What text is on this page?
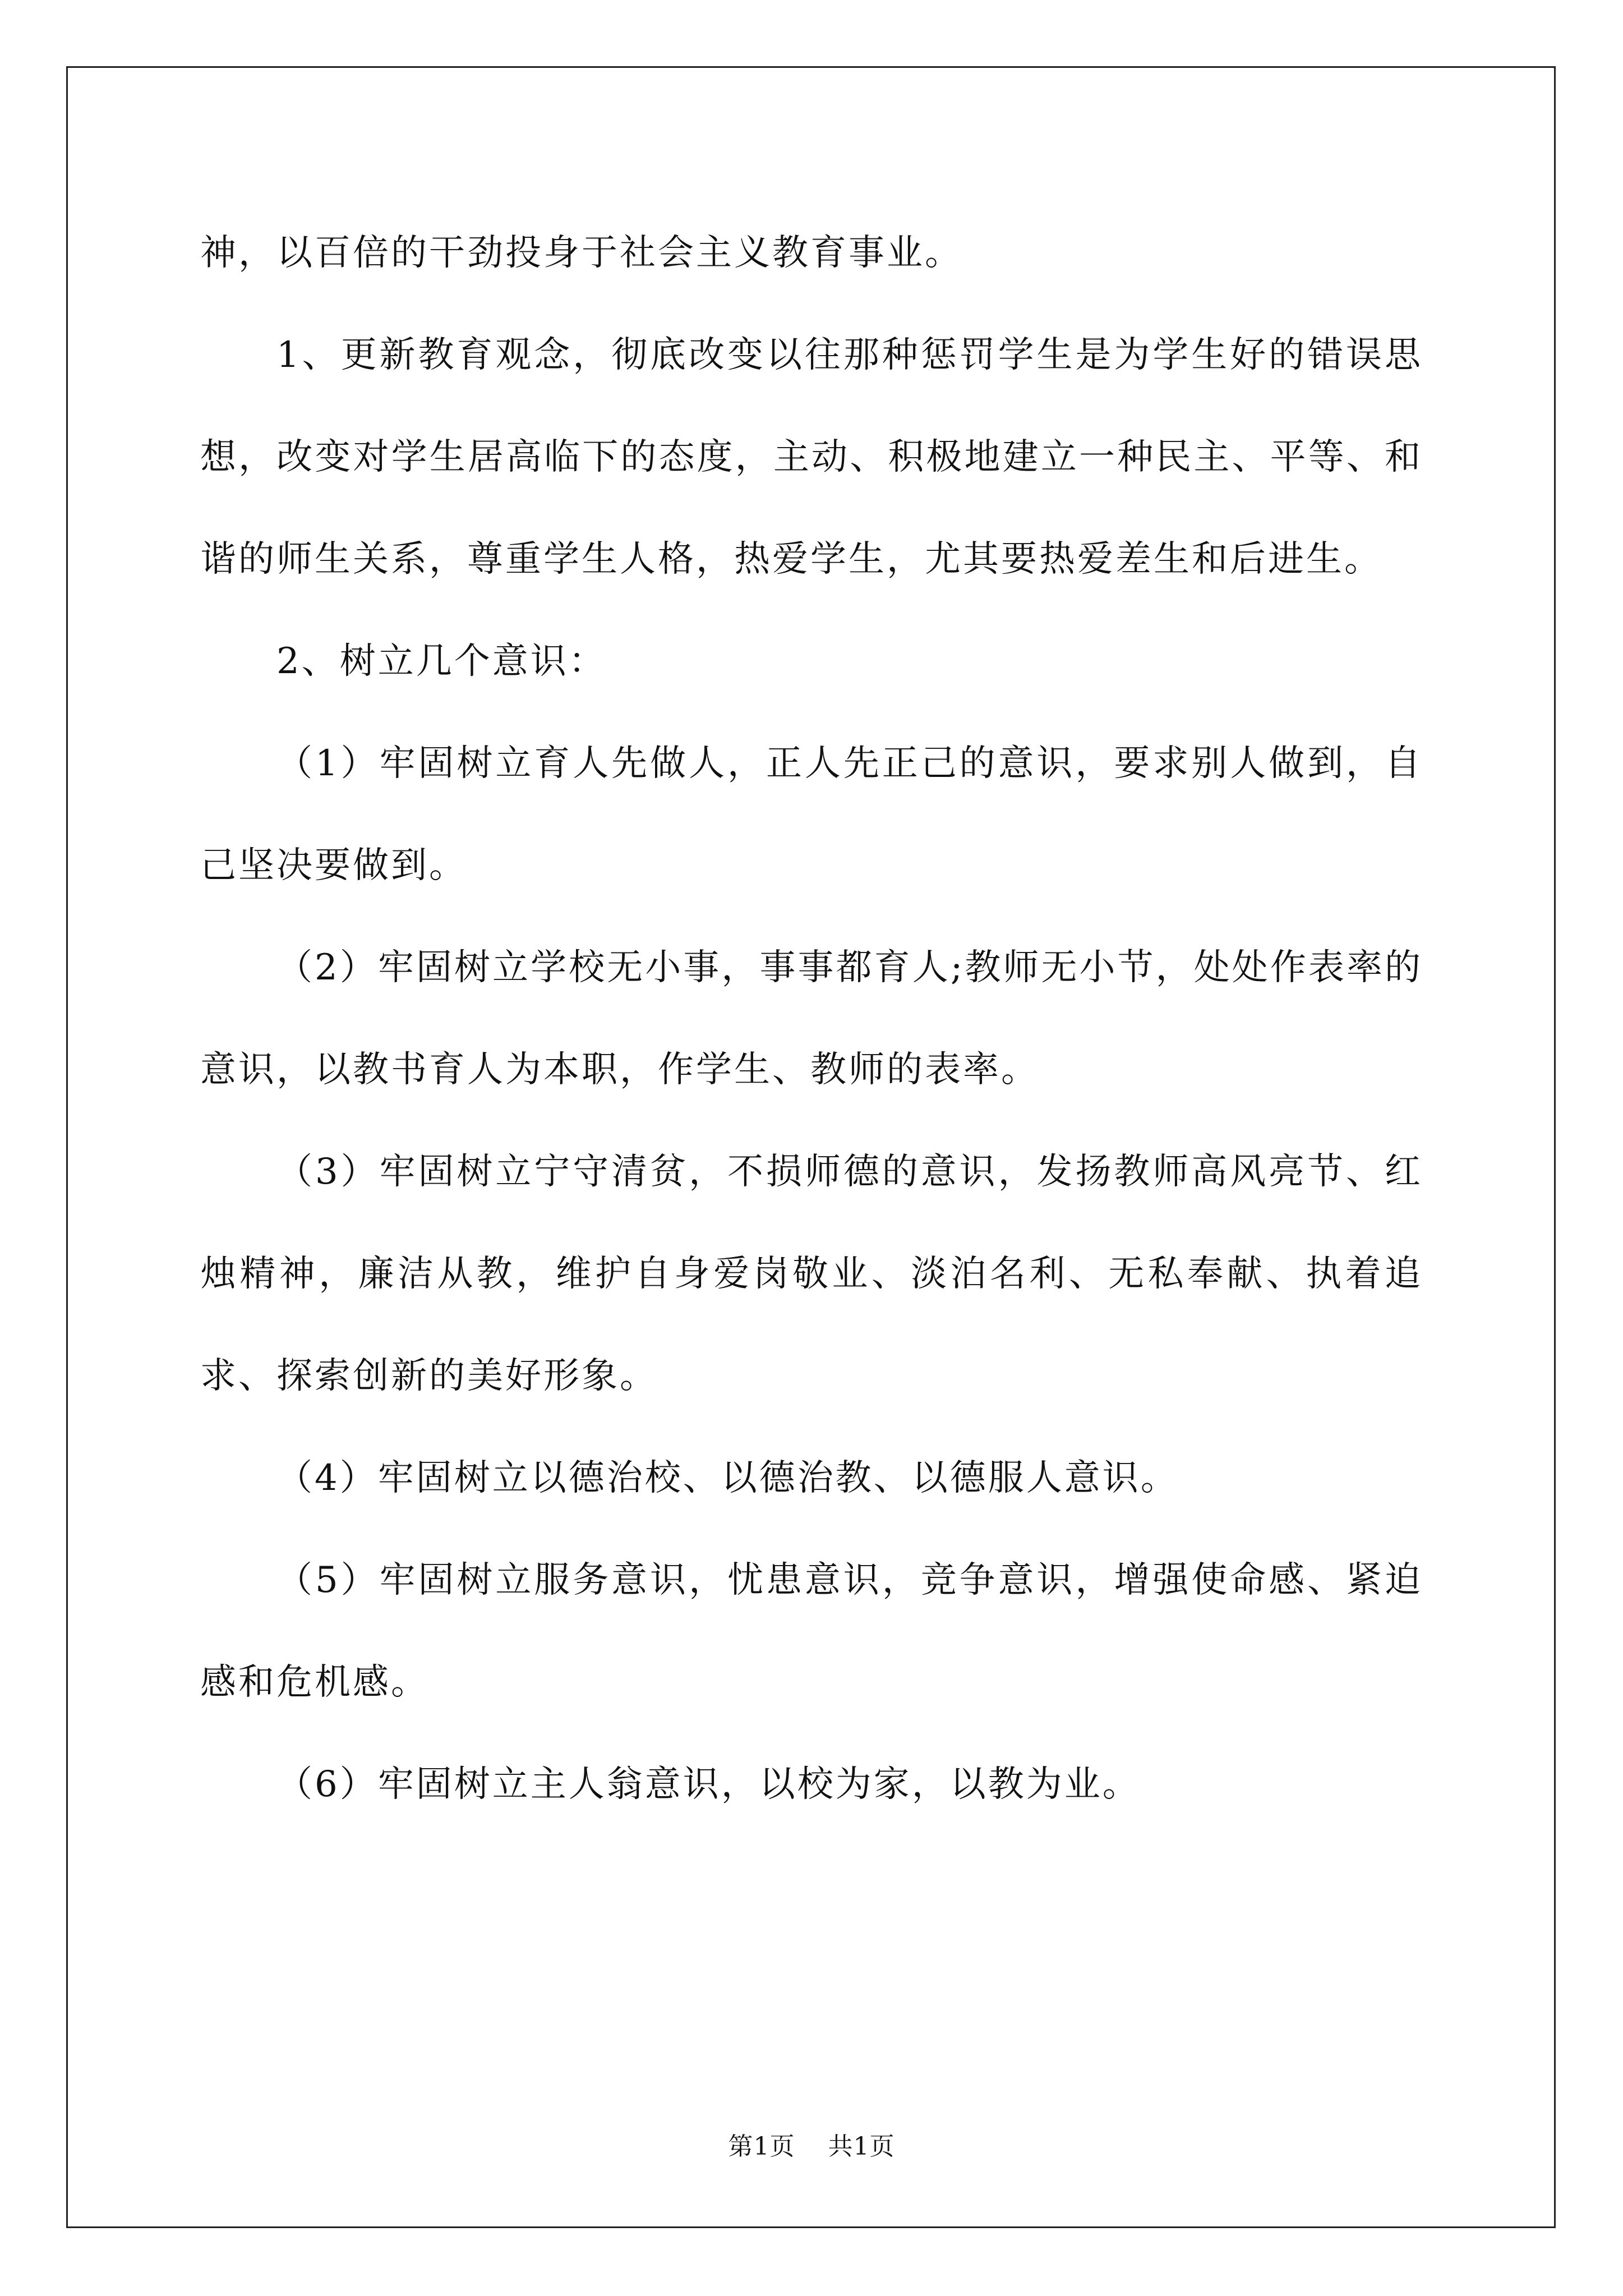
神，以百倍的干劲投身于社会主义教育事业。

1、更新教育观念，彻底改变以往那种惩罚学生是为学生好的错误思想，改变对学生居高临下的态度，主动、积极地建立一种民主、平等、和谐的师生关系，尊重学生人格，热爱学生，尤其要热爱差生和后进生。

2、树立几个意识：

（1）牢固树立育人先做人，正人先正己的意识，要求别人做到，自己坚决要做到。

（2）牢固树立学校无小事，事事都育人;教师无小节，处处作表率的意识，以教书育人为本职，作学生、教师的表率。

（3）牢固树立宁守清贫，不损师德的意识，发扬教师高风亮节、红烛精神，廉洁从教，维护自身爱岗敬业、淡泊名利、无私奉献、执着追求、探索创新的美好形象。

（4）牢固树立以德治校、以德治教、以德服人意识。

（5）牢固树立服务意识，忧患意识，竞争意识，增强使命感、紧迫感和危机感。

（6）牢固树立主人翁意识，以校为家，以教为业。

第1页 共1页
